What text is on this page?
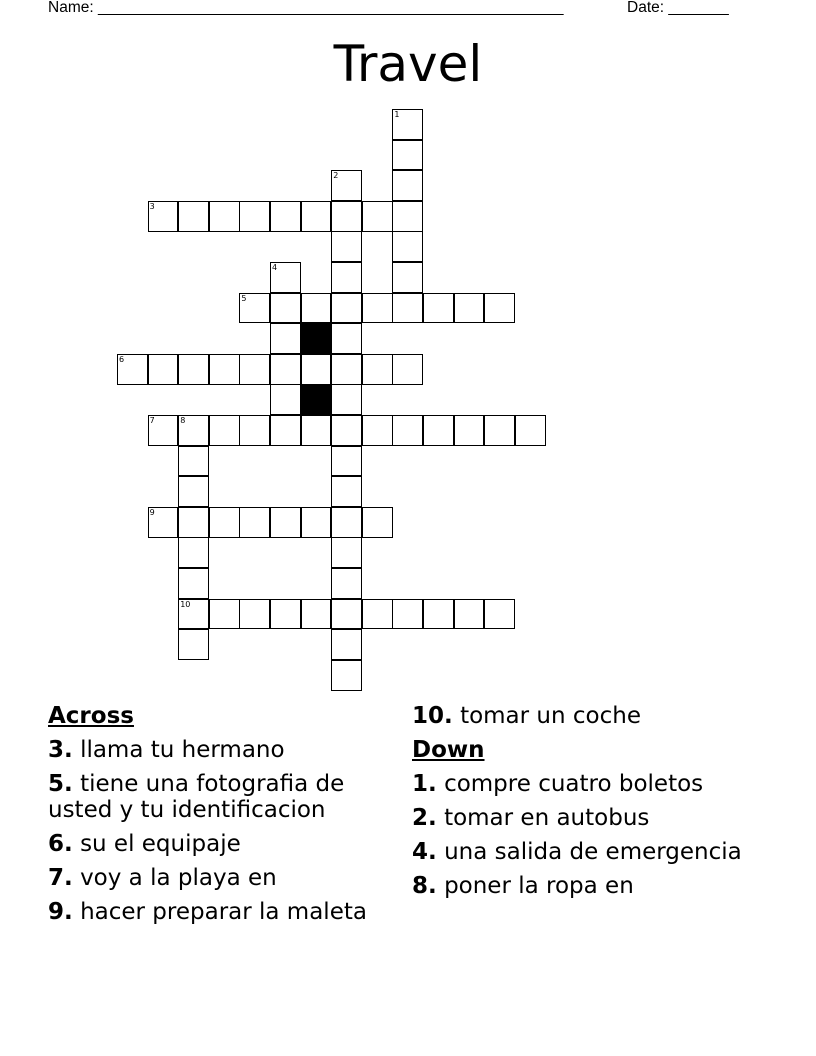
Name: ______________________________________________________	Date: _______
Travel
1
2
3
4
5
6
7	8
9
10
Across
3. llama tu hermano
5. tiene una fotografia de usted y tu identificacion
6. su el equipaje
7. voy a la playa en
9. hacer preparar la maleta
10. tomar un coche
Down
1. compre cuatro boletos
2. tomar en autobus
4. una salida de emergencia
8. poner la ropa en
